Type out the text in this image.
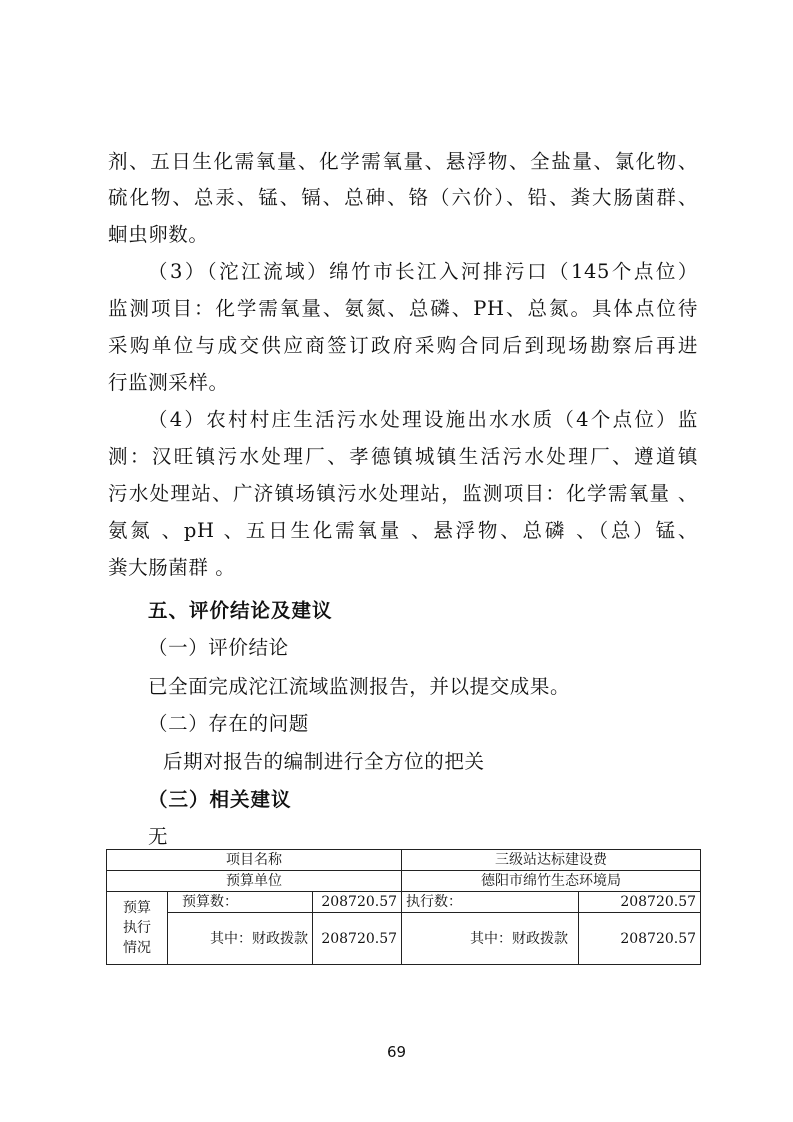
剂、五日生化需氧量、化学需氧量、悬浮物、全盐量、氯化物、
硫化物、总汞、锰、镉、总砷、铬（六价）、铅、粪大肠菌群、
蛔虫卵数。
（3）（沱江流域）绵竹市长江入河排污口（145个点位）
监测项目：化学需氧量、氨氮、总磷、PH、总氮。具体点位待
采购单位与成交供应商签订政府采购合同后到现场勘察后再进
行监测采样。
（4）农村村庄生活污水处理设施出水水质（4个点位）监
测：汉旺镇污水处理厂、孝德镇城镇生活污水处理厂、遵道镇
污水处理站、广济镇场镇污水处理站，监测项目：化学需氧量 、
氨氮 、pH 、五日生化需氧量 、悬浮物、总磷 、（总）锰、
粪大肠菌群 。
五、评价结论及建议
（一）评价结论
已全面完成沱江流域监测报告，并以提交成果。
（二）存在的问题
后期对报告的编制进行全方位的把关
（三）相关建议
无
项目名称			三级站达标建设费	
预算单位			德阳市绵竹生态环境局	

预算
执行
情况	预算数：	208720.57	执行数：	208720.57
	其中：财政拨款	208720.57	其中：财政拨款	208720.57
69
